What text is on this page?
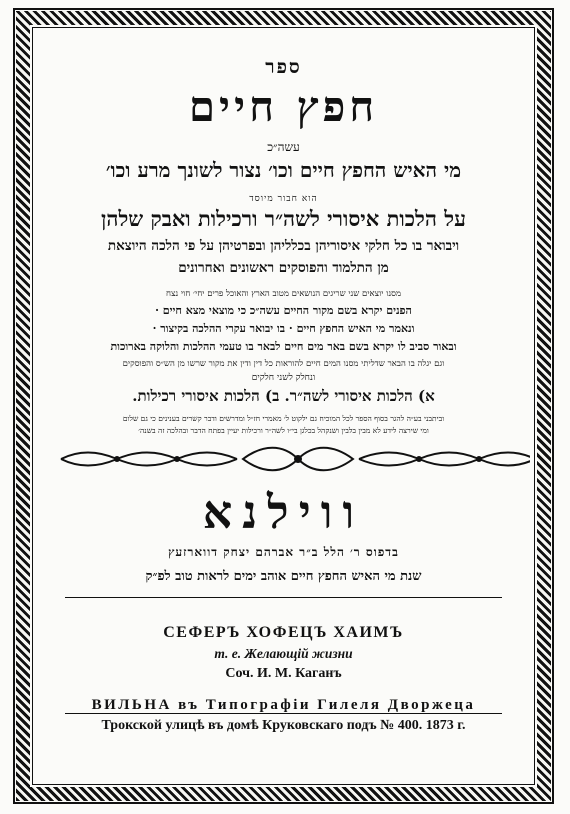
ספר
חפץ חיים
עשה״כ
מי האיש החפץ חיים וכו׳ נצור לשונך מרע וכו׳
הוא חבור מיוסד
על הלכות איסורי לשה״ר ורכילות ואבק שלהן
ויבואר בו כל חלקי איסוריהן בכלליהן ובפרטיהן על פי הלכה היוצאת
מן התלמוד והפוסקים ראשונים ואחרונים
מסנו יוצאים שני שריגים הנושאים מטוב הארץ והאוכל פרים יחי׳ חוי נצח
הפנים יקרא בשם מקור החיים עשה״כ כי מוצאי מצא חיים ·
ונאמר מי האיש החפץ חיים · בו יבואר עקרי ההלכה בקיצור ·
ובאור סביב לו יקרא בשם באר מים חיים לבאר בו טעמי ההלכות והלוקה בארוכות
וגם יגלה בו הבאר שדליתי מסנו המים חיים להוראות כל דין ודין את מקור שרשו מן הש״ס והפוסקים
ונחלק לשני חלקים
א) הלכות איסורי לשה״ר. ב) הלכות איסורי רכילות.
וביתבני בע״ה להגר בסוף הספר לכל המוכיח גם ילקוט ל׳ מאמרי חז״ל ומדרשים ודבר קשרים בענינים כי גם שלום
ומי שירצה לידע לא מבין בלבין ושנקהל בכלגן בי״ו לשה״ר ורכילות יעיין בפתח הדבר ובהלכה זה בשנה׳
ווילנא
בדפוס ר׳ הלל ב״ר אברהם יצחק דווארזעץ
שנת מי האיש החפץ חיים אוהב ימים לראות טוב לפ״ק
СЕФЕРЪ ХОФЕЦЪ ХАИМЪ
т. е. Желающій жизни
Соч. И. М. Каганъ
ВИЛЬНА въ Типографіи Гилеля Дворжеца
Трокской улицѣ въ домѣ Круковскаго подъ № 400. 1873 г.
